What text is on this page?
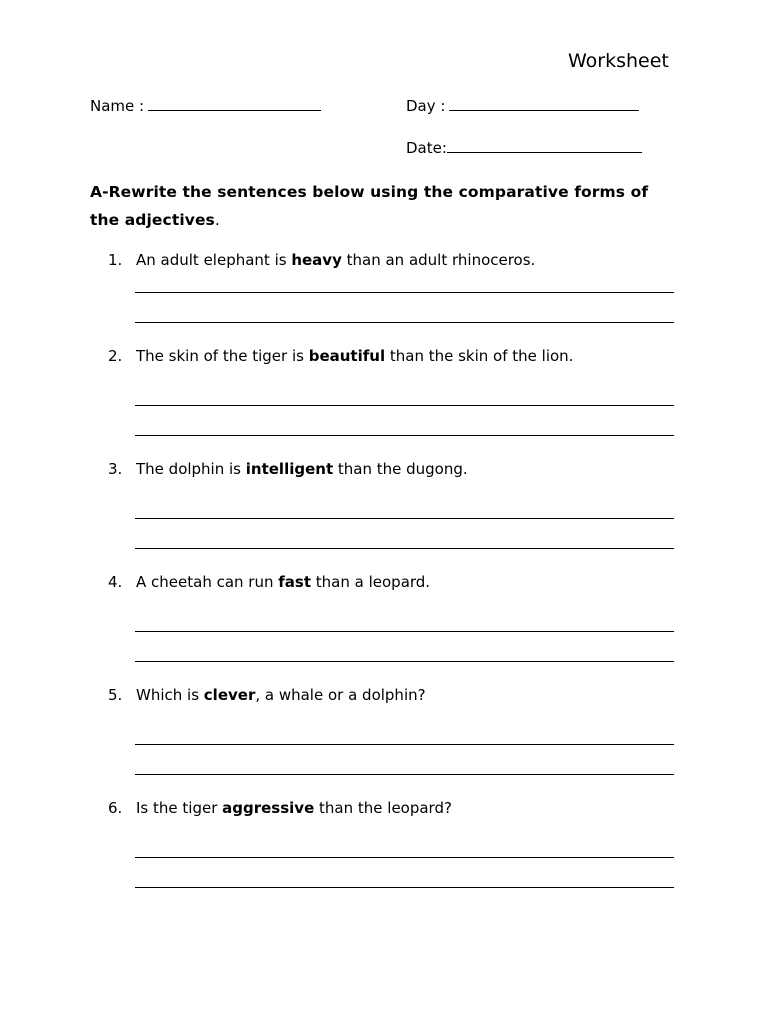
Worksheet
Name :	Day :
Date:
A-Rewrite the sentences below using the comparative forms of the adjectives.
1. An adult elephant is heavy than an adult rhinoceros.
2. The skin of the tiger is beautiful than the skin of the lion.
3. The dolphin is intelligent than the dugong.
4. A cheetah can run fast than a leopard.
5. Which is clever, a whale or a dolphin?
6. Is the tiger aggressive than the leopard?
